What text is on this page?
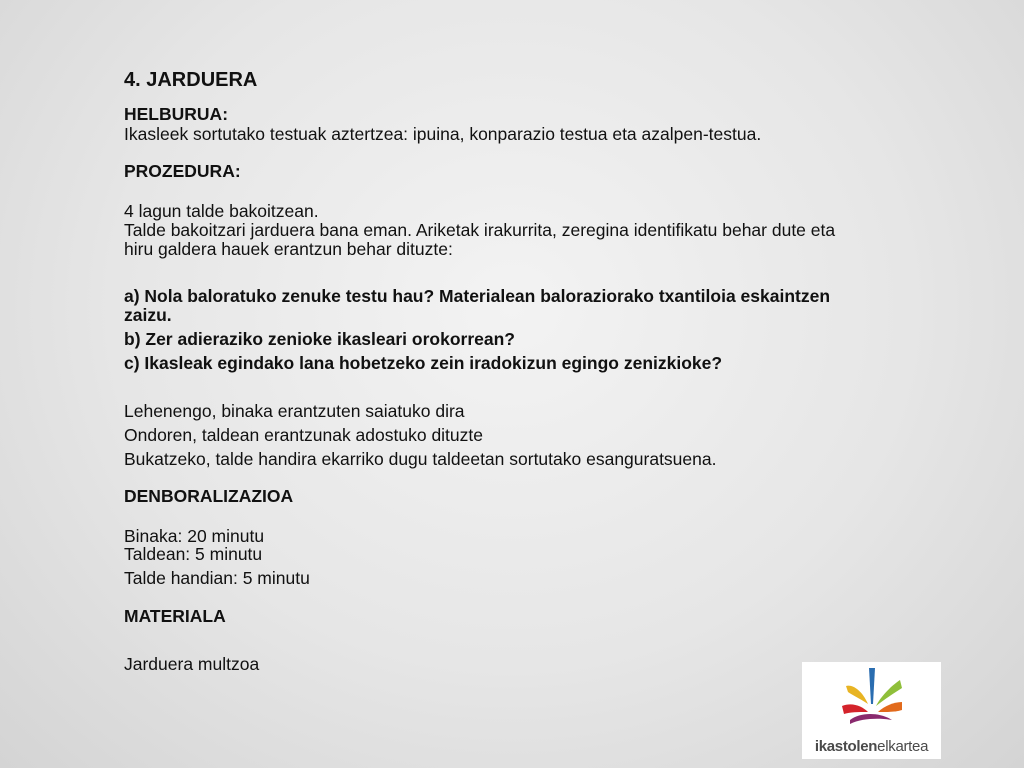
4. JARDUERA
HELBURUA:
Ikasleek sortutako testuak aztertzea: ipuina, konparazio testua eta azalpen-testua.
PROZEDURA:
4 lagun talde bakoitzean.
Talde bakoitzari jarduera bana eman. Ariketak irakurrita, zeregina identifikatu behar dute eta
hiru galdera hauek erantzun behar dituzte:
a) Nola baloratuko zenuke testu hau? Materialean baloraziorako txantiloia eskaintzen
zaizu.
b) Zer adieraziko zenioke ikasleari orokorrean?
c) Ikasleak egindako lana hobetzeko zein iradokizun egingo zenizkioke?
Lehenengo, binaka erantzuten saiatuko dira
Ondoren, taldean erantzunak adostuko dituzte
Bukatzeko, talde handira ekarriko dugu taldeetan sortutako esanguratsuena.
DENBORALIZAZIOA
Binaka: 20 minutu
Taldean: 5 minutu
Talde handian: 5 minutu
MATERIALA
Jarduera multzoa
ikastolenelkartea
